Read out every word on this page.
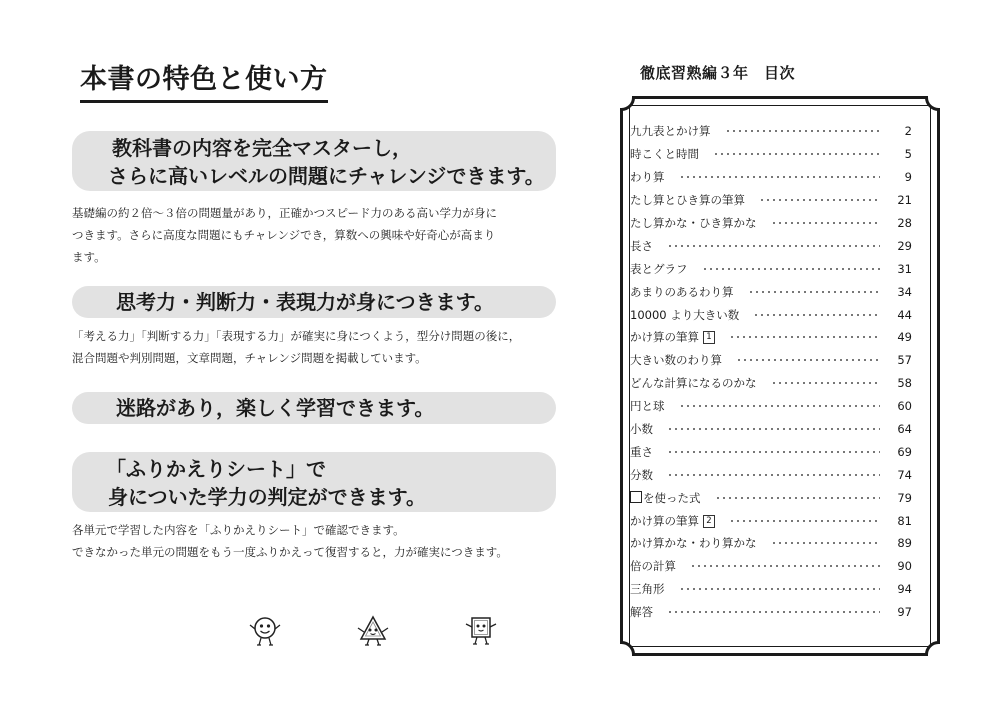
本書の特色と使い方
教科書の内容を完全マスターし，
さらに高いレベルの問題にチャレンジできます。
基礎編の約２倍〜３倍の問題量があり，正確かつスピード力のある高い学力が身に
つきます。さらに高度な問題にもチャレンジでき，算数への興味や好奇心が高まり
ます。
思考力・判断力・表現力が身につきます。
「考える力」「判断する力」「表現する力」が確実に身につくよう，型分け問題の後に，
混合問題や判別問題，文章問題，チャレンジ問題を掲載しています。
迷路があり，楽しく学習できます。
「ふりかえりシート」で
身についた学力の判定ができます。
各単元で学習した内容を「ふりかえりシート」で確認できます。
できなかった単元の問題をもう一度ふりかえって復習すると，力が確実につきます。
徹底習熟編３年　目次
九九表とかけ算	2
時こくと時間	5
わり算	9
たし算とひき算の筆算	21
たし算かな・ひき算かな	28
長さ	29
表とグラフ	31
あまりのあるわり算	34
10000 より大きい数	44
かけ算の筆算 1	49
大きい数のわり算	57
どんな計算になるのかな	58
円と球	60
小数	64
重さ	69
分数	74
を使った式	79
かけ算の筆算 2	81
かけ算かな・わり算かな	89
倍の計算	90
三角形	94
解答	97
